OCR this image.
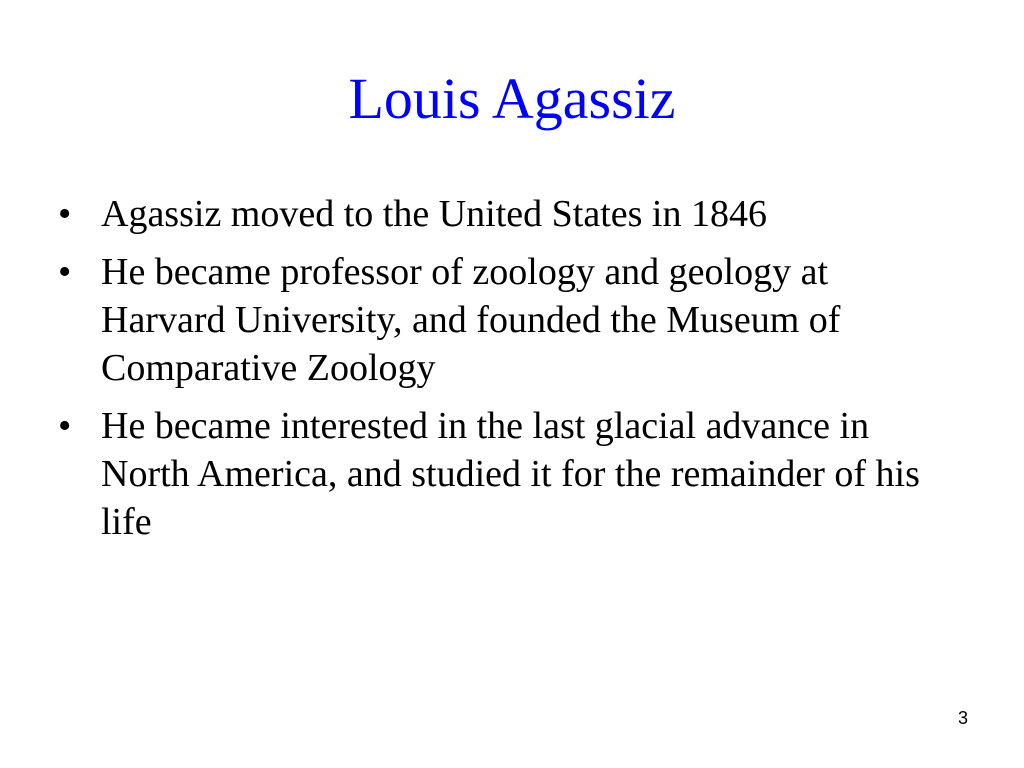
Louis Agassiz
• Agassiz moved to the United States in 1846
• He became professor of zoology and geology at Harvard University, and founded the Museum of Comparative Zoology
• He became interested in the last glacial advance in North America, and studied it for the remainder of his life
3
